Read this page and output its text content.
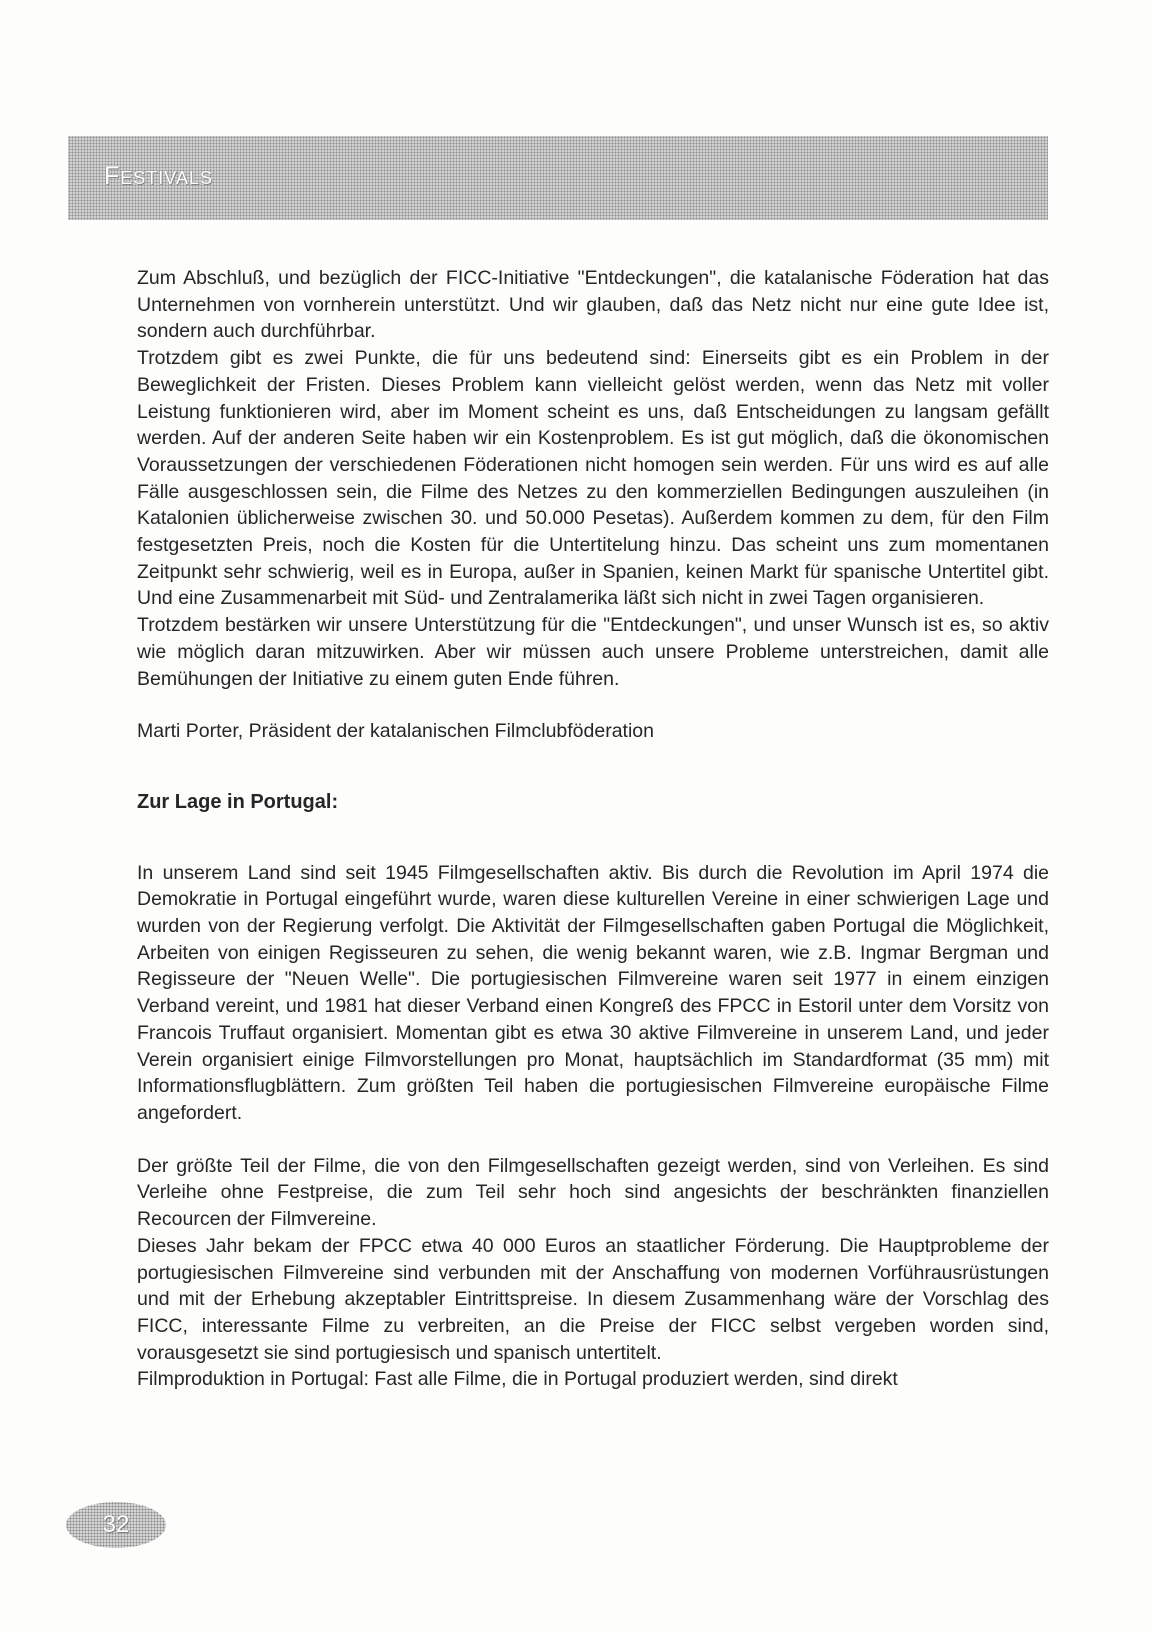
Festivals

Zum Abschluß, und bezüglich der FICC-Initiative "Entdeckungen", die katalanische Föderation hat das Unternehmen von vornherein unterstützt. Und wir glauben, daß das Netz nicht nur eine gute Idee ist, sondern auch durchführbar.

Trotzdem gibt es zwei Punkte, die für uns bedeutend sind: Einerseits gibt es ein Problem in der Beweglichkeit der Fristen. Dieses Problem kann vielleicht gelöst werden, wenn das Netz mit voller Leistung funktionieren wird, aber im Moment scheint es uns, daß Entscheidungen zu langsam gefällt werden. Auf der anderen Seite haben wir ein Kostenproblem. Es ist gut möglich, daß die ökonomischen Voraussetzungen der verschiedenen Föderationen nicht homogen sein werden. Für uns wird es auf alle Fälle ausgeschlossen sein, die Filme des Netzes zu den kommerziellen Bedingungen auszuleihen (in Katalonien üblicherweise zwischen 30. und 50.000 Pesetas). Außerdem kommen zu dem, für den Film festgesetzten Preis, noch die Kosten für die Untertitelung hinzu. Das scheint uns zum momentanen Zeitpunkt sehr schwierig, weil es in Europa, außer in Spanien, keinen Markt für spanische Untertitel gibt. Und eine Zusammenarbeit mit Süd- und Zentralamerika läßt sich nicht in zwei Tagen organisieren.

Trotzdem bestärken wir unsere Unterstützung für die "Entdeckungen", und unser Wunsch ist es, so aktiv wie möglich daran mitzuwirken. Aber wir müssen auch unsere Probleme unterstreichen, damit alle Bemühungen der Initiative zu einem guten Ende führen.

Marti Porter, Präsident der katalanischen Filmclubföderation

Zur Lage in Portugal:

In unserem Land sind seit 1945 Filmgesellschaften aktiv. Bis durch die Revolution im April 1974 die Demokratie in Portugal eingeführt wurde, waren diese kulturellen Vereine in einer schwierigen Lage und wurden von der Regierung verfolgt. Die Aktivität der Filmgesellschaften gaben Portugal die Möglichkeit, Arbeiten von einigen Regisseuren zu sehen, die wenig bekannt waren, wie z.B. Ingmar Bergman und Regisseure der "Neuen Welle". Die portugiesischen Filmvereine waren seit 1977 in einem einzigen Verband vereint, und 1981 hat dieser Verband einen Kongreß des FPCC in Estoril unter dem Vorsitz von Francois Truffaut organisiert. Momentan gibt es etwa 30 aktive Filmvereine in unserem Land, und jeder Verein organisiert einige Filmvorstellungen pro Monat, hauptsächlich im Standardformat (35 mm) mit Informationsflugblättern. Zum größten Teil haben die portugiesischen Filmvereine europäische Filme angefordert.

Der größte Teil der Filme, die von den Filmgesellschaften gezeigt werden, sind von Verleihen. Es sind Verleihe ohne Festpreise, die zum Teil sehr hoch sind angesichts der beschränkten finanziellen Recourcen der Filmvereine.

Dieses Jahr bekam der FPCC etwa 40 000 Euros an staatlicher Förderung. Die Hauptprobleme der portugiesischen Filmvereine sind verbunden mit der Anschaffung von modernen Vorführausrüstungen und mit der Erhebung akzeptabler Eintrittspreise. In diesem Zusammenhang wäre der Vorschlag des FICC, interessante Filme zu verbreiten, an die Preise der FICC selbst vergeben worden sind, vorausgesetzt sie sind portugiesisch und spanisch untertitelt.

Filmproduktion in Portugal: Fast alle Filme, die in Portugal produziert werden, sind direkt

32
